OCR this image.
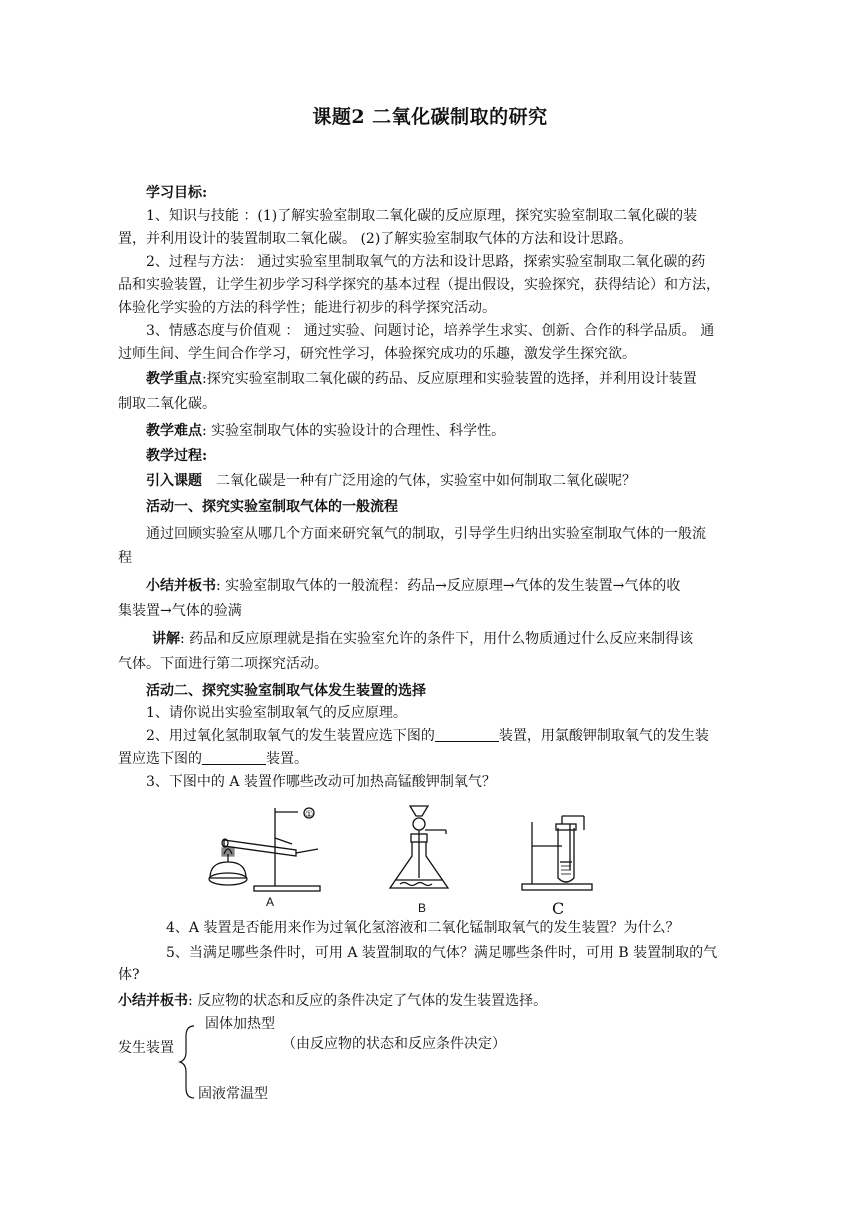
课题2 二氧化碳制取的研究
学习目标:
1、知识与技能 ：(1)了解实验室制取二氧化碳的反应原理，探究实验室制取二氧化碳的装
置，并利用设计的装置制取二氧化碳。 (2)了解实验室制取气体的方法和设计思路。
2、过程与方法： 通过实验室里制取氧气的方法和设计思路，探索实验室制取二氧化碳的药
品和实验装置，让学生初步学习科学探究的基本过程（提出假设，实验探究，获得结论）和方法，
体验化学实验的方法的科学性；能进行初步的科学探究活动。
3、情感态度与价值观 ： 通过实验、问题讨论，培养学生求实、创新、合作的科学品质。 通
过师生间、学生间合作学习，研究性学习，体验探究成功的乐趣，激发学生探究欲。
教学重点:探究实验室制取二氧化碳的药品、反应原理和实验装置的选择，并利用设计装置
制取二氧化碳。
教学难点: 实验室制取气体的实验设计的合理性、科学性。
教学过程:
引入课题　 二氧化碳是一种有广泛用途的气体，实验室中如何制取二氧化碳呢？
活动一、探究实验室制取气体的一般流程
通过回顾实验室从哪几个方面来研究氧气的制取，引导学生归纳出实验室制取气体的一般流
程
小结并板书: 实验室制取气体的一般流程：药品→反应原理→气体的发生装置→气体的收
集装置→气体的验满
讲解: 药品和反应原理就是指在实验室允许的条件下，用什么物质通过什么反应来制得该
气体。下面进行第二项探究活动。
活动二、探究实验室制取气体发生装置的选择
1、请你说出实验室制取氧气的反应原理。
2、用过氧化氢制取氧气的发生装置应选下图的	装置，用氯酸钾制取氧气的发生装
置应选下图的	装置。
3、下图中的 A 装置作哪些改动可加热高锰酸钾制氧气？
①
A	B	C
4、A 装置是否能用来作为过氧化氢溶液和二氧化锰制取氧气的发生装置？为什么？
5、当满足哪些条件时，可用 A 装置制取的气体？满足哪些条件时，可用 B 装置制取的气
体?
小结并板书: 反应物的状态和反应的条件决定了气体的发生装置选择。
固体加热型
发生装置	（由反应物的状态和反应条件决定）
固液常温型
